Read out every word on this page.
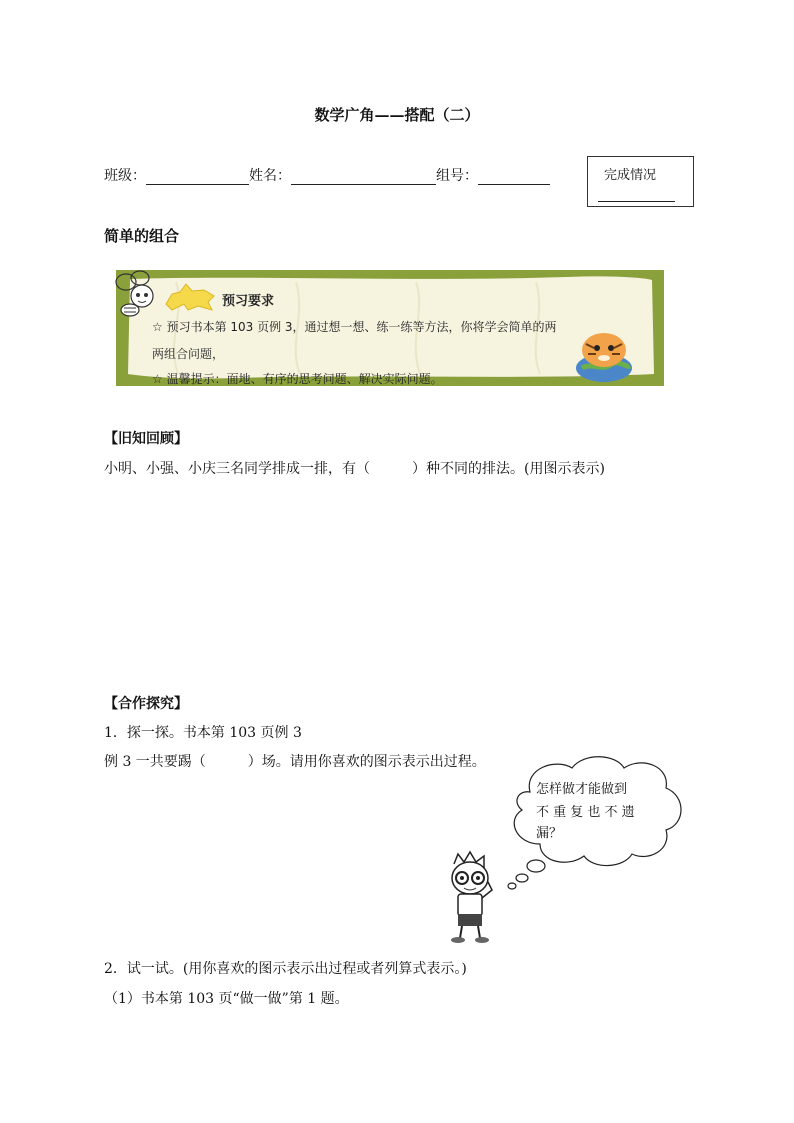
数学广角——搭配（二）
班级：	姓名：	组号：	完成情况
简单的组合
预习要求
☆ 预习书本第 103 页例 3，通过想一想、练一练等方法，你将学会简单的两
两组合问题，
☆ 温馨提示：面地、有序的思考问题、解决实际问题。
【旧知回顾】
小明、小强、小庆三名同学排成一排，有（　　　）种不同的排法。(用图示表示)
【合作探究】
1．探一探。书本第 103 页例 3
例 3 一共要踢（　　　）场。请用你喜欢的图示表示出过程。
怎样做才能做到
不 重 复 也 不 遗
漏？
2．试一试。(用你喜欢的图示表示出过程或者列算式表示。)
（1）书本第 103 页“做一做”第 1 题。
